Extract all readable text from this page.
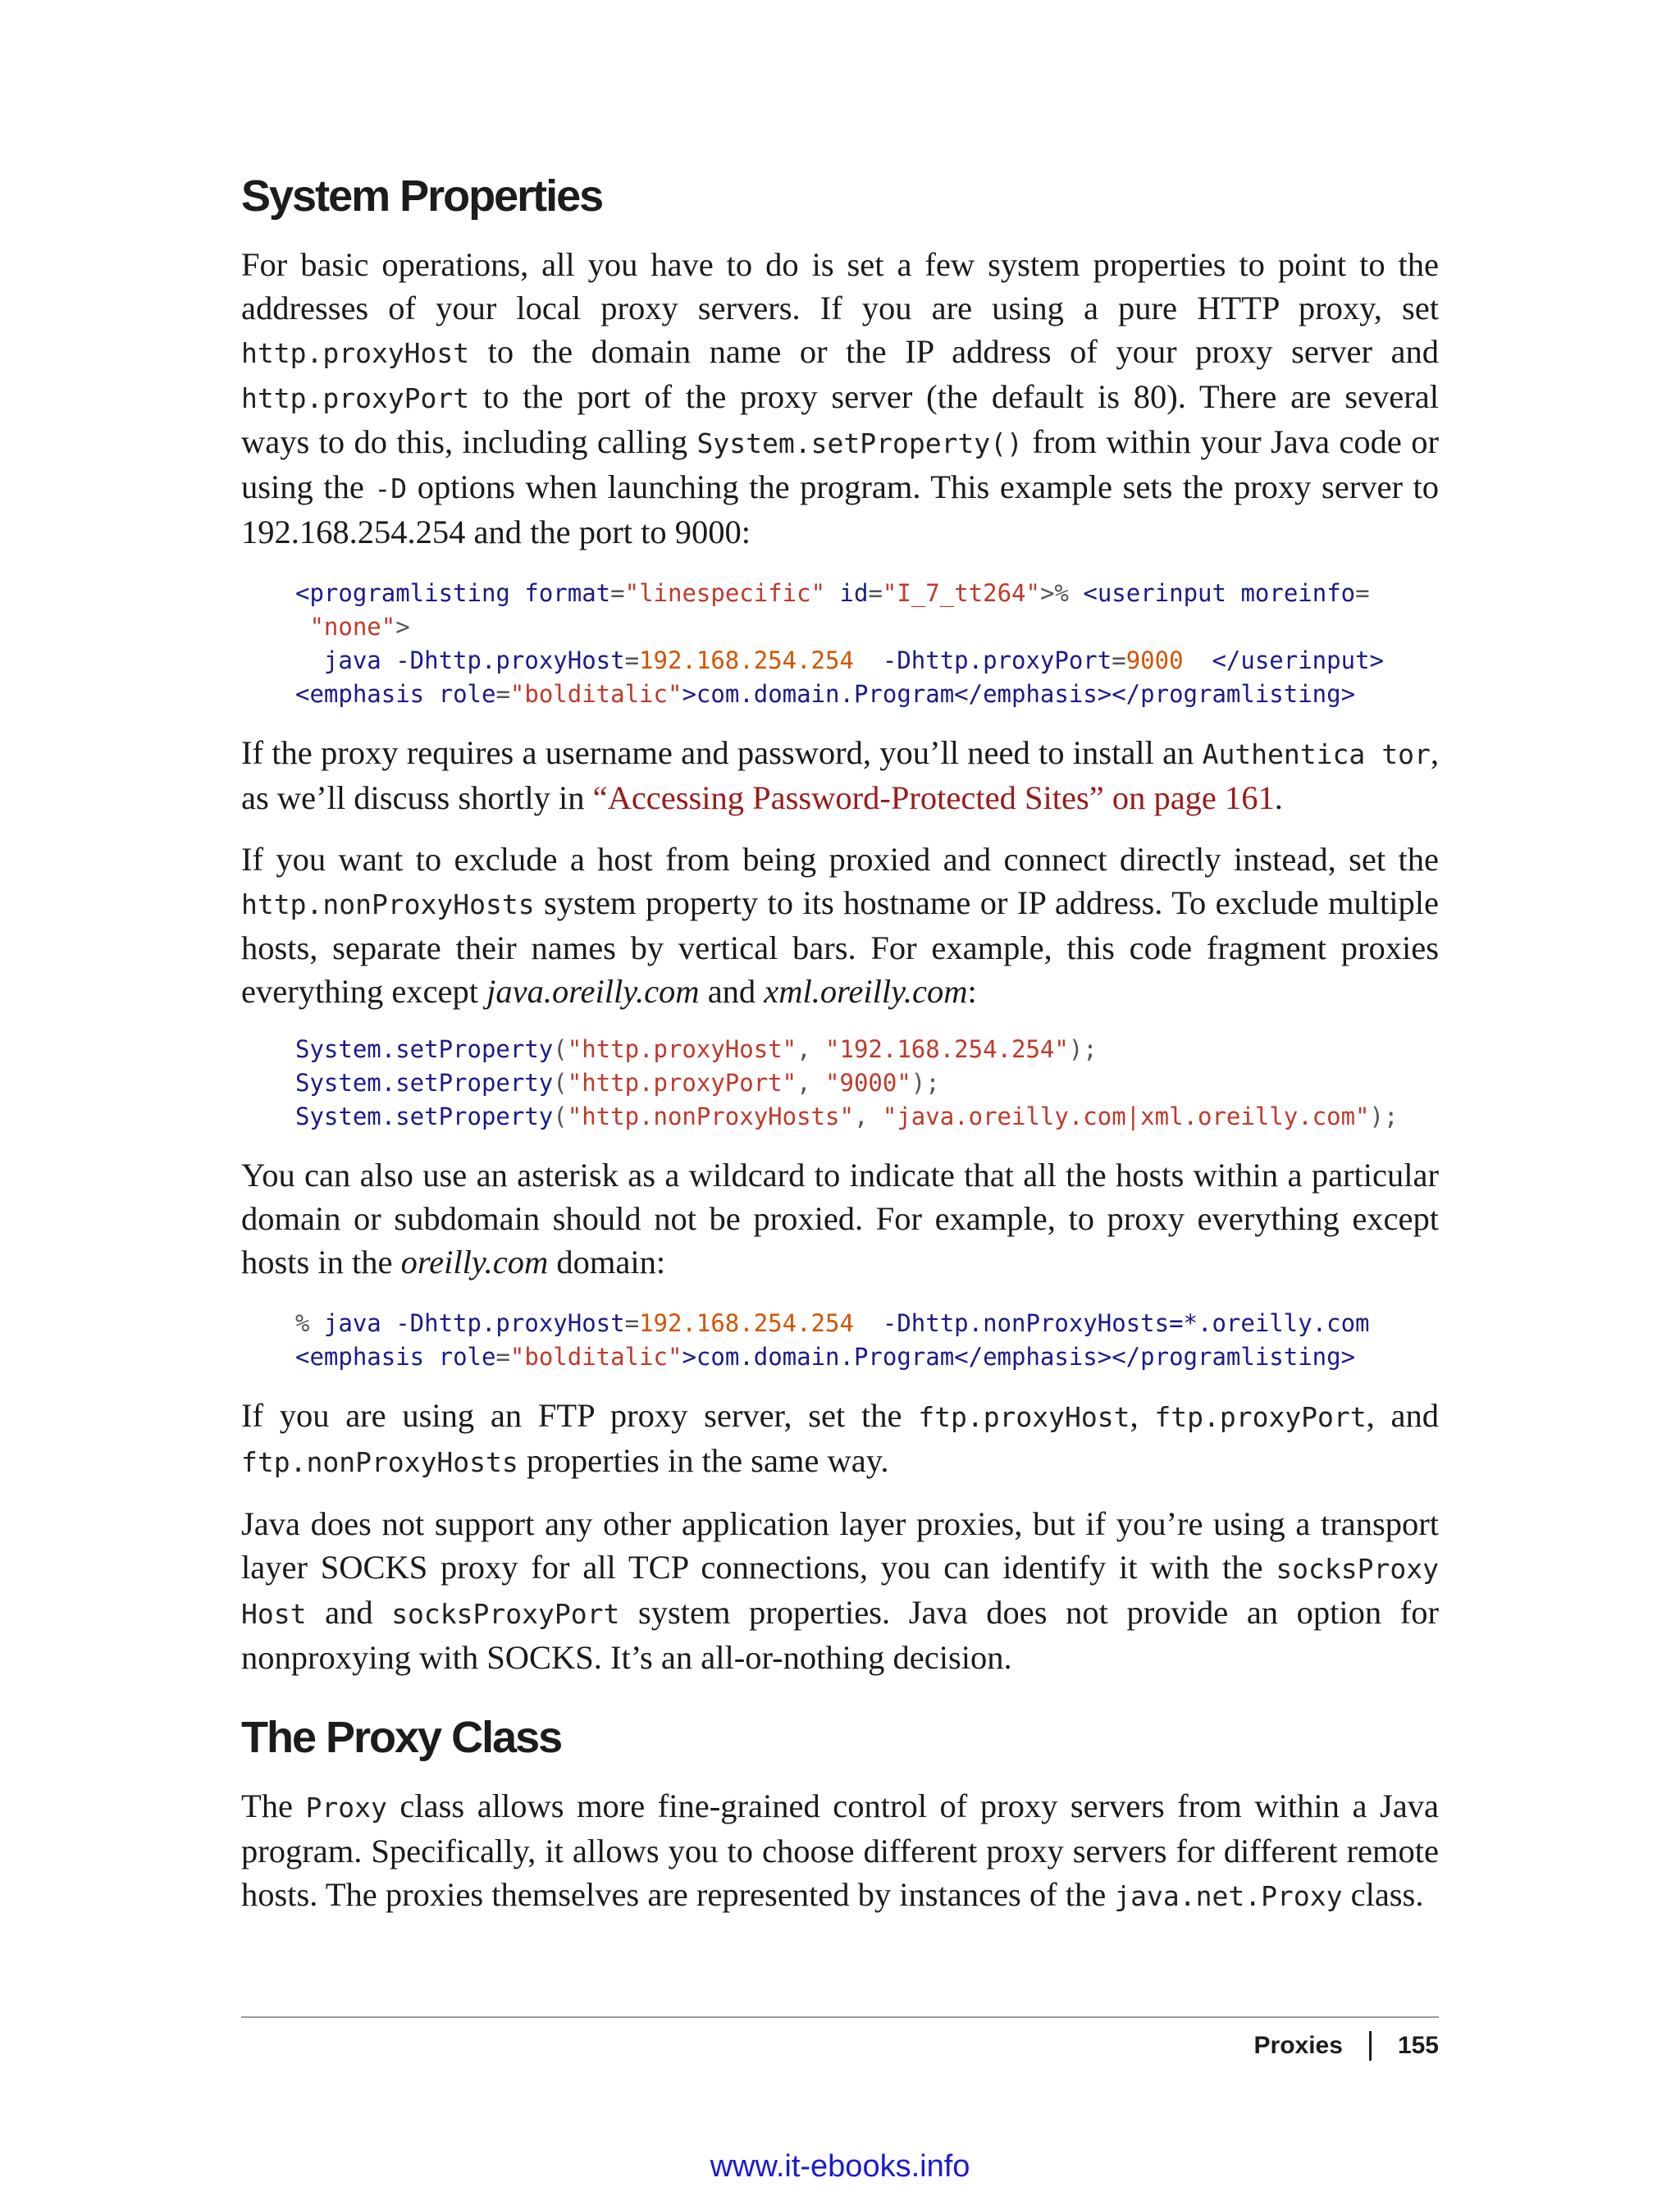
System Properties

For basic operations, all you have to do is set a few system properties to point to the addresses of your local proxy servers. If you are using a pure HTTP proxy, set http.proxyHost to the domain name or the IP address of your proxy server and http.proxyPort to the port of the proxy server (the default is 80). There are several ways to do this, including calling System.setProperty() from within your Java code or using the -D options when launching the program. This example sets the proxy server to 192.168.254.254 and the port to 9000:

<programlisting format="linespecific" id="I_7_tt264">% <userinput moreinfo=
"none">
java -Dhttp.proxyHost=192.168.254.254 -Dhttp.proxyPort=9000 </userinput>
<emphasis role="bolditalic">com.domain.Program</emphasis></programlisting>

If the proxy requires a username and password, you’ll need to install an Authentica tor, as we’ll discuss shortly in “Accessing Password-Protected Sites” on page 161.

If you want to exclude a host from being proxied and connect directly instead, set the http.nonProxyHosts system property to its hostname or IP address. To exclude multiple hosts, separate their names by vertical bars. For example, this code fragment proxies everything except java.oreilly.com and xml.oreilly.com:

System.setProperty("http.proxyHost", "192.168.254.254");
System.setProperty("http.proxyPort", "9000");
System.setProperty("http.nonProxyHosts", "java.oreilly.com|xml.oreilly.com");

You can also use an asterisk as a wildcard to indicate that all the hosts within a particular domain or subdomain should not be proxied. For example, to proxy everything except hosts in the oreilly.com domain:

% java -Dhttp.proxyHost=192.168.254.254 -Dhttp.nonProxyHosts=*.oreilly.com
<emphasis role="bolditalic">com.domain.Program</emphasis></programlisting>

If you are using an FTP proxy server, set the ftp.proxyHost, ftp.proxyPort, and ftp.nonProxyHosts properties in the same way.

Java does not support any other application layer proxies, but if you’re using a transport layer SOCKS proxy for all TCP connections, you can identify it with the socksProxy Host and socksProxyPort system properties. Java does not provide an option for nonproxying with SOCKS. It’s an all-or-nothing decision.

The Proxy Class

The Proxy class allows more fine-grained control of proxy servers from within a Java program. Specifically, it allows you to choose different proxy servers for different remote hosts. The proxies themselves are represented by instances of the java.net.Proxy class.

Proxies 155
www.it-ebooks.info
